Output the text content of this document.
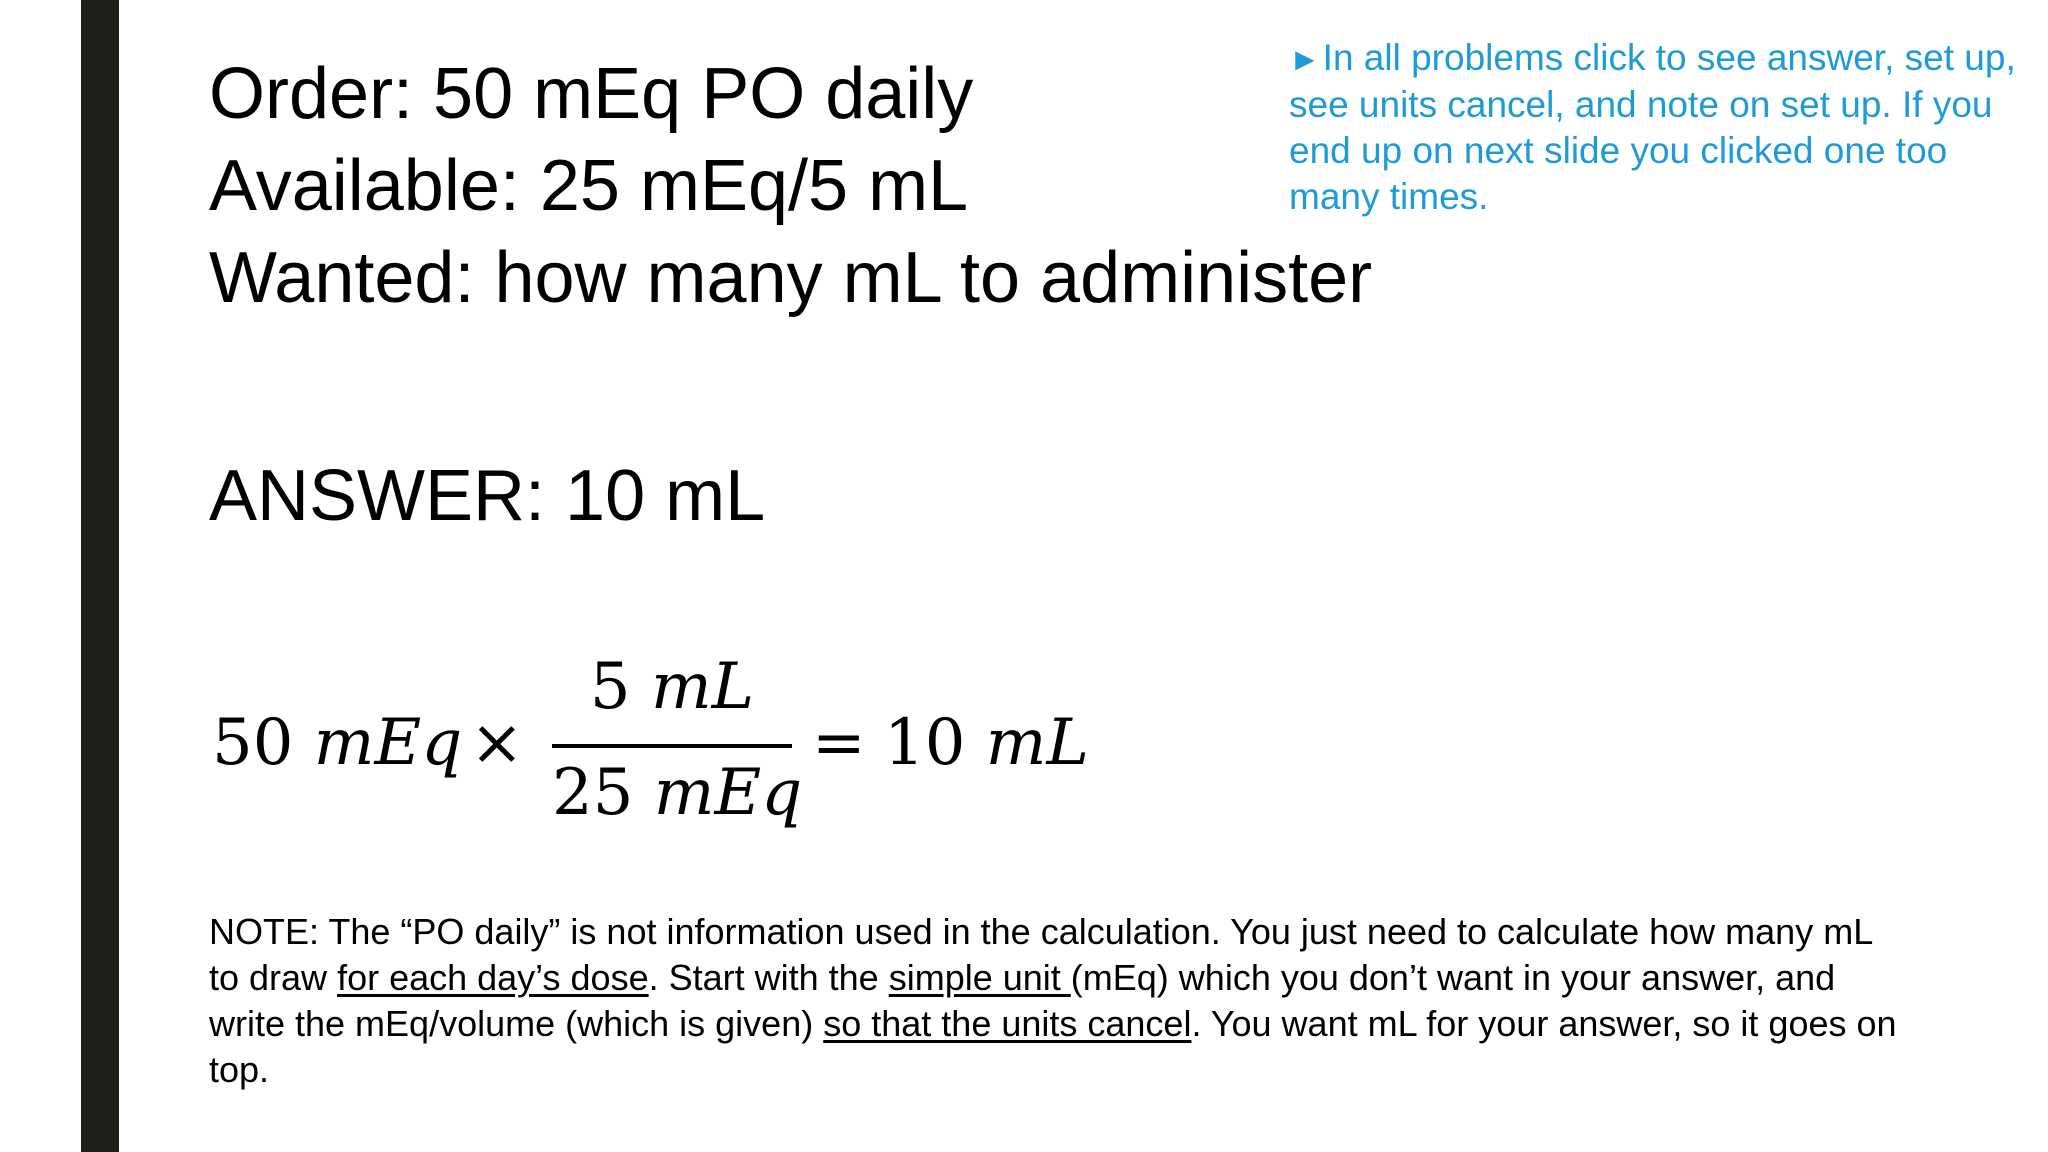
Order: 50 mEq PO daily
Available: 25 mEq/5 mL
Wanted: how many mL to administer
►In all problems click to see answer, set up, see units cancel, and note on set up. If you end up on next slide you clicked one too many times.
ANSWER: 10 mL
50 mEq ×
5 mL
25 mEq
= 10 mL
NOTE: The “PO daily” is not information used in the calculation. You just need to calculate how many mL to draw for each day’s dose. Start with the simple unit (mEq) which you don’t want in your answer, and write the mEq/volume (which is given) so that the units cancel. You want mL for your answer, so it goes on top.
